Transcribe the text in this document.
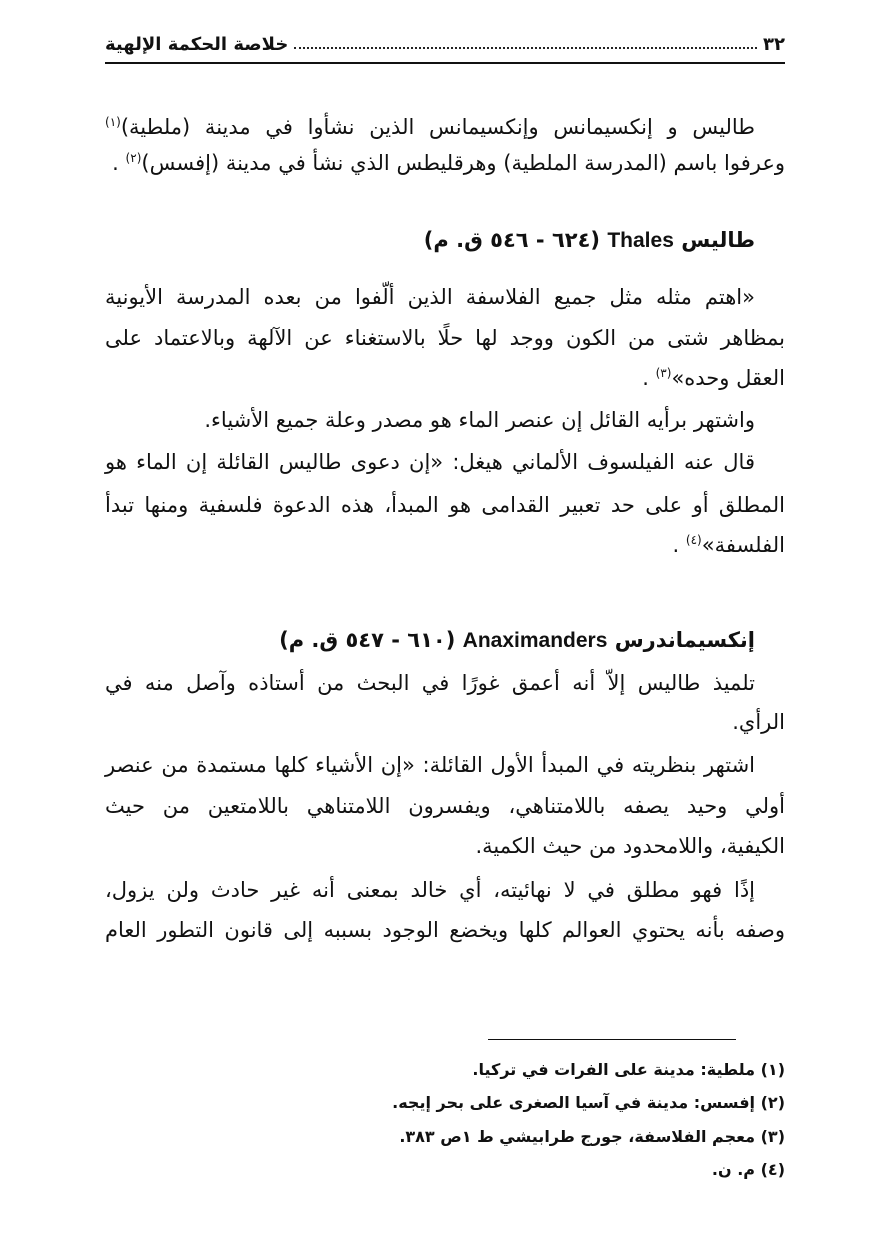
٣٢
خلاصة الحكمة الإلهية
طاليس و إنكسيمانس وإنكسيمانس الذين نشأوا في مدينة (ملطية)$^{(١)}$
وعرفوا باسم (المدرسة الملطية) وهرقليطس الذي نشأ في مدينة (إفسس)$^{(٢)}$ .
طاليس Thales (٦٢٤ - ٥٤٦ ق. م)
«اهتم مثله مثل جميع الفلاسفة الذين ألّفوا من بعده المدرسة الأيونية
بمظاهر شتى من الكون ووجد لها حلًا بالاستغناء عن الآلهة وبالاعتماد على
العقل وحده»$^{(٣)}$ .
واشتهر برأيه القائل إن عنصر الماء هو مصدر وعلة جميع الأشياء.
قال عنه الفيلسوف الألماني هيغل: «إن دعوى طاليس القائلة إن الماء هو
المطلق أو على حد تعبير القدامى هو المبدأ، هذه الدعوة فلسفية ومنها تبدأ
الفلسفة»$^{(٤)}$ .
إنكسيماندرس Anaximanders (٦١٠ - ٥٤٧ ق. م)
تلميذ طاليس إلاّ أنه أعمق غورًا في البحث من أستاذه وآصل منه في
الرأي.
اشتهر بنظريته في المبدأ الأول القائلة: «إن الأشياء كلها مستمدة من عنصر
أولي وحيد يصفه باللامتناهي، ويفسرون اللامتناهي باللامتعين من حيث
الكيفية، واللامحدود من حيث الكمية.
إذًا فهو مطلق في لا نهائيته، أي خالد بمعنى أنه غير حادث ولن يزول،
وصفه بأنه يحتوي العوالم كلها ويخضع الوجود بسببه إلى قانون التطور العام
(١) ملطية: مدينة على الفرات في تركيا.
(٢) إفسس: مدينة في آسيا الصغرى على بحر إيجه.
(٣) معجم الفلاسفة، جورج طرابيشي ط ١ص ٣٨٣.
(٤) م. ن.
